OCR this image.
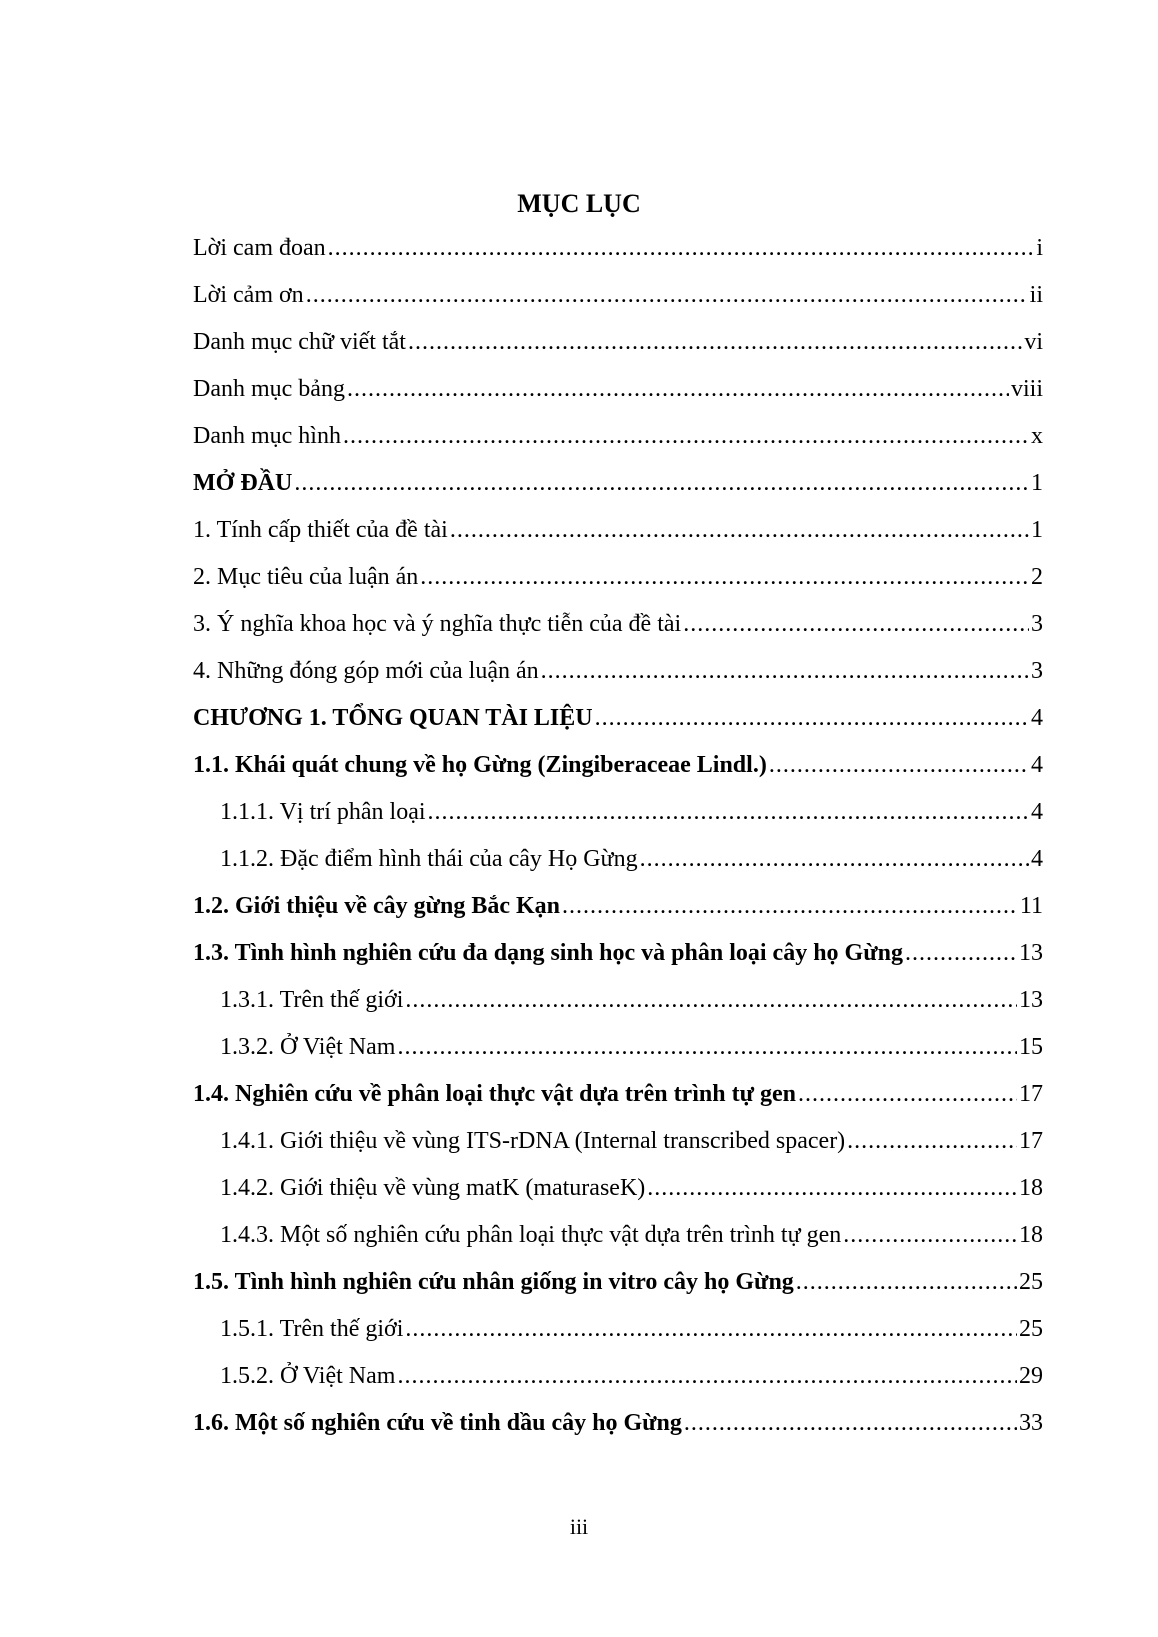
MỤC LỤC
Lời cam đoan .....	i
Lời cảm ơn .....	ii
Danh mục chữ viết tắt .....	vi
Danh mục bảng .....	viii
Danh mục hình .....	x
MỞ ĐẦU .....	1
1. Tính cấp thiết của đề tài .....	1
2. Mục tiêu của luận án .....	2
3. Ý nghĩa khoa học và ý nghĩa thực tiễn của đề tài .....	3
4. Những đóng góp mới của luận án .....	3
CHƯƠNG 1. TỔNG QUAN TÀI LIỆU .....	4
1.1. Khái quát chung về họ Gừng (Zingiberaceae Lindl.) .....	4
1.1.1. Vị trí phân loại .....	4
1.1.2. Đặc điểm hình thái của cây Họ Gừng .....	4
1.2. Giới thiệu về cây gừng Bắc Kạn .....	11
1.3. Tình hình nghiên cứu đa dạng sinh học và phân loại cây họ Gừng .....	13
1.3.1. Trên thế giới .....	13
1.3.2. Ở Việt Nam .....	15
1.4. Nghiên cứu về phân loại thực vật dựa trên trình tự gen .....	17
1.4.1. Giới thiệu về vùng ITS-rDNA (Internal transcribed spacer) .....	17
1.4.2. Giới thiệu về vùng matK (maturaseK) .....	18
1.4.3. Một số nghiên cứu phân loại thực vật dựa trên trình tự gen .....	18
1.5. Tình hình nghiên cứu nhân giống in vitro cây họ Gừng .....	25
1.5.1. Trên thế giới .....	25
1.5.2. Ở Việt Nam .....	29
1.6. Một số nghiên cứu về tinh dầu cây họ Gừng .....	33
iii
